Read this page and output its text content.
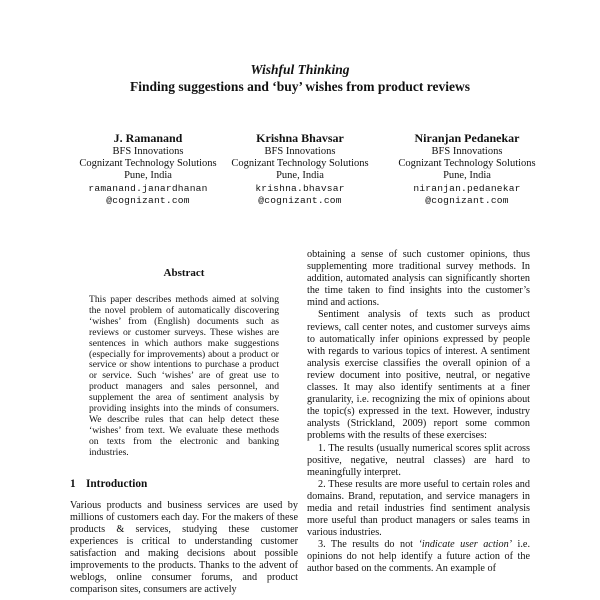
Wishful Thinking
Finding suggestions and ‘buy’ wishes from product reviews
J. Ramanand
BFS Innovations
Cognizant Technology Solutions
Pune, India
ramanand.janardhanan
@cognizant.com
Krishna Bhavsar
BFS Innovations
Cognizant Technology Solutions
Pune, India
krishna.bhavsar
@cognizant.com
Niranjan Pedanekar
BFS Innovations
Cognizant Technology Solutions
Pune, India
niranjan.pedanekar
@cognizant.com
Abstract

This paper describes methods aimed at solving the novel problem of automatically discovering ‘wishes’ from (English) documents such as reviews or customer surveys. These wishes are sentences in which authors make suggestions (especially for improvements) about a product or service or show intentions to purchase a product or service. Such ‘wishes’ are of great use to product managers and sales personnel, and supplement the area of sentiment analysis by providing insights into the minds of consumers. We describe rules that can help detect these ‘wishes’ from text. We evaluate these methods on texts from the electronic and banking industries.

1 Introduction

Various products and business services are used by millions of customers each day. For the makers of these products & services, studying these customer experiences is critical to understanding customer satisfaction and making decisions about possible improvements to the products. Thanks to the advent of weblogs, online consumer forums, and product comparison sites, consumers are actively

obtaining a sense of such customer opinions, thus supplementing more traditional survey methods. In addition, automated analysis can significantly shorten the time taken to find insights into the customer’s mind and actions.

Sentiment analysis of texts such as product reviews, call center notes, and customer surveys aims to automatically infer opinions expressed by people with regards to various topics of interest. A sentiment analysis exercise classifies the overall opinion of a review document into positive, neutral, or negative classes. It may also identify sentiments at a finer granularity, i.e. recognizing the mix of opinions about the topic(s) expressed in the text. However, industry analysts (Strickland, 2009) report some common problems with the results of these exercises:

1. The results (usually numerical scores split across positive, negative, neutral classes) are hard to meaningfully interpret.

2. These results are more useful to certain roles and domains. Brand, reputation, and service managers in media and retail industries find sentiment analysis more useful than product managers or sales teams in various industries.

3. The results do not ‘indicate user action’ i.e. opinions do not help identify a future action of the author based on the comments. An example of
